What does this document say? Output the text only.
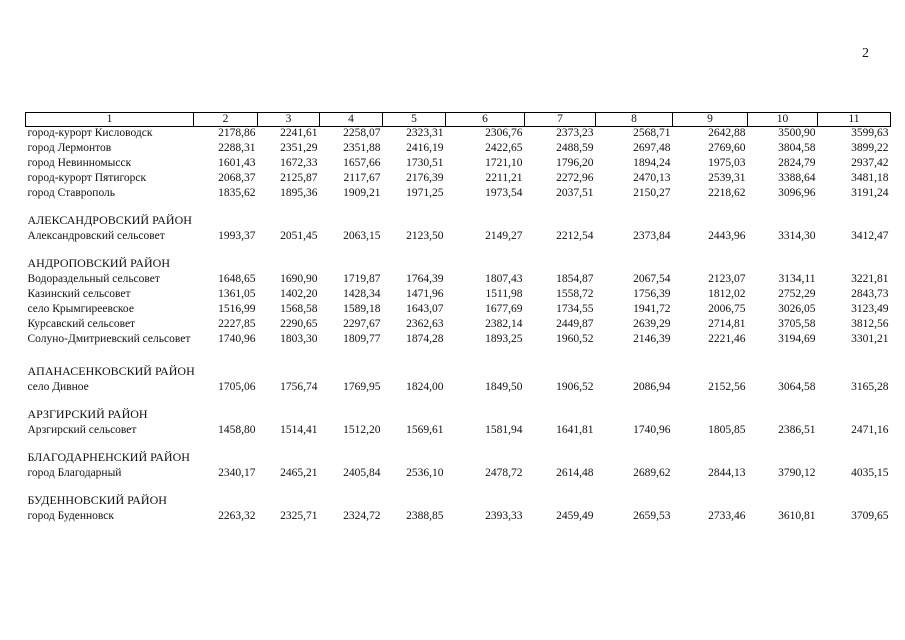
2
1	2	3	4	5	6	7	8	9	10	11
город-курорт Кисловодск	2178,86	2241,61	2258,07	2323,31	2306,76	2373,23	2568,71	2642,88	3500,90	3599,63
город Лермонтов	2288,31	2351,29	2351,88	2416,19	2422,65	2488,59	2697,48	2769,60	3804,58	3899,22
город Невинномысск	1601,43	1672,33	1657,66	1730,51	1721,10	1796,20	1894,24	1975,03	2824,79	2937,42
город-курорт Пятигорск	2068,37	2125,87	2117,67	2176,39	2211,21	2272,96	2470,13	2539,31	3388,64	3481,18
город Ставрополь	1835,62	1895,36	1909,21	1971,25	1973,54	2037,51	2150,27	2218,62	3096,96	3191,24

АЛЕКСАНДРОВСКИЙ РАЙОН										
Александровский сельсовет	1993,37	2051,45	2063,15	2123,50	2149,27	2212,54	2373,84	2443,96	3314,30	3412,47

АНДРОПОВСКИЙ РАЙОН										
Водораздельный сельсовет	1648,65	1690,90	1719,87	1764,39	1807,43	1854,87	2067,54	2123,07	3134,11	3221,81
Казинский сельсовет	1361,05	1402,20	1428,34	1471,96	1511,98	1558,72	1756,39	1812,02	2752,29	2843,73
село Крымгиреевское	1516,99	1568,58	1589,18	1643,07	1677,69	1734,55	1941,72	2006,75	3026,05	3123,49
Курсавский сельсовет	2227,85	2290,65	2297,67	2362,63	2382,14	2449,87	2639,29	2714,81	3705,58	3812,56
Солуно-Дмитриевский сельсовет	1740,96	1803,30	1809,77	1874,28	1893,25	1960,52	2146,39	2221,46	3194,69	3301,21

АПАНАСЕНКОВСКИЙ РАЙОН										
село Дивное	1705,06	1756,74	1769,95	1824,00	1849,50	1906,52	2086,94	2152,56	3064,58	3165,28

АРЗГИРСКИЙ РАЙОН										
Арзгирский сельсовет	1458,80	1514,41	1512,20	1569,61	1581,94	1641,81	1740,96	1805,85	2386,51	2471,16

БЛАГОДАРНЕНСКИЙ РАЙОН										
город Благодарный	2340,17	2465,21	2405,84	2536,10	2478,72	2614,48	2689,62	2844,13	3790,12	4035,15

БУДЕННОВСКИЙ РАЙОН										
город Буденновск	2263,32	2325,71	2324,72	2388,85	2393,33	2459,49	2659,53	2733,46	3610,81	3709,65
